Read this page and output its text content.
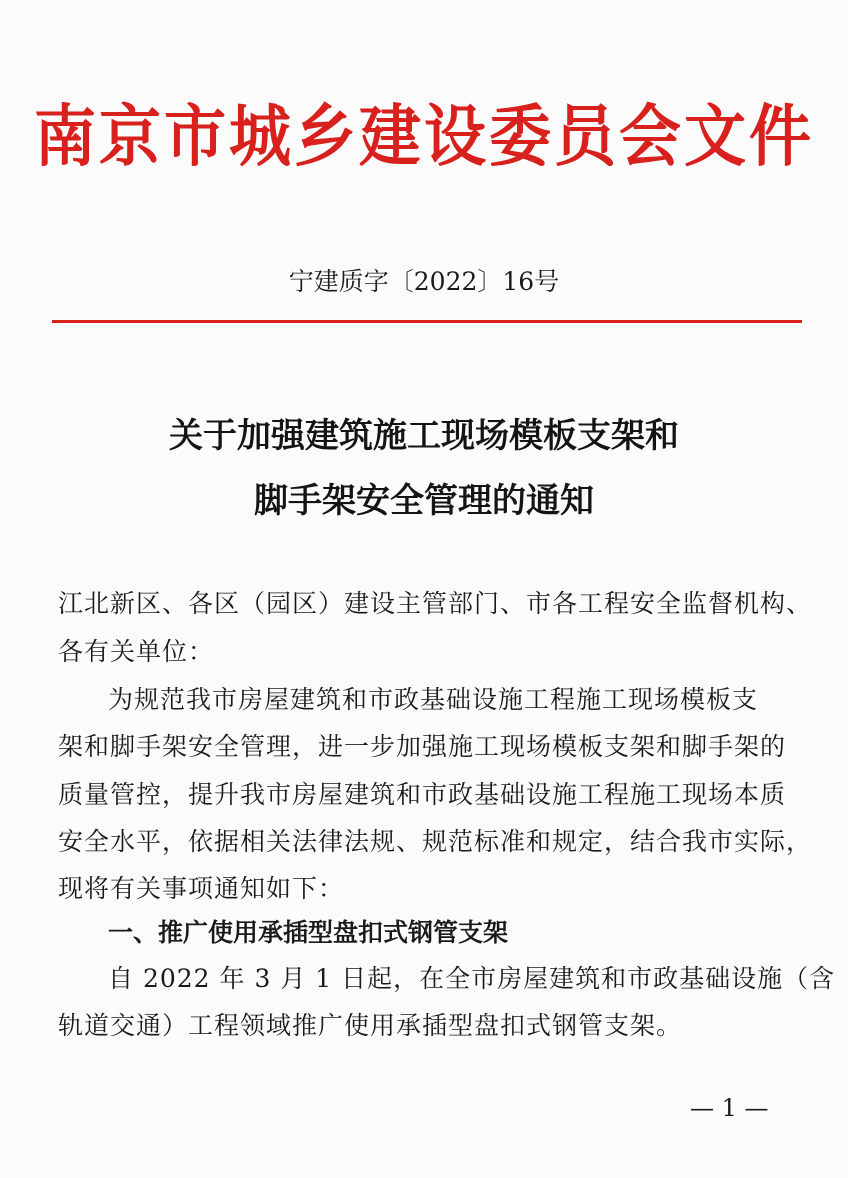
南京市城乡建设委员会文件
宁建质字〔2022〕16号
关于加强建筑施工现场模板支架和
脚手架安全管理的通知
江北新区、各区（园区）建设主管部门、市各工程安全监督机构、
各有关单位：
为规范我市房屋建筑和市政基础设施工程施工现场模板支
架和脚手架安全管理，进一步加强施工现场模板支架和脚手架的
质量管控，提升我市房屋建筑和市政基础设施工程施工现场本质
安全水平，依据相关法律法规、规范标准和规定，结合我市实际，
现将有关事项通知如下：
一、推广使用承插型盘扣式钢管支架
自 2022 年 3 月 1 日起，在全市房屋建筑和市政基础设施（含
轨道交通）工程领域推广使用承插型盘扣式钢管支架。
— 1 —
